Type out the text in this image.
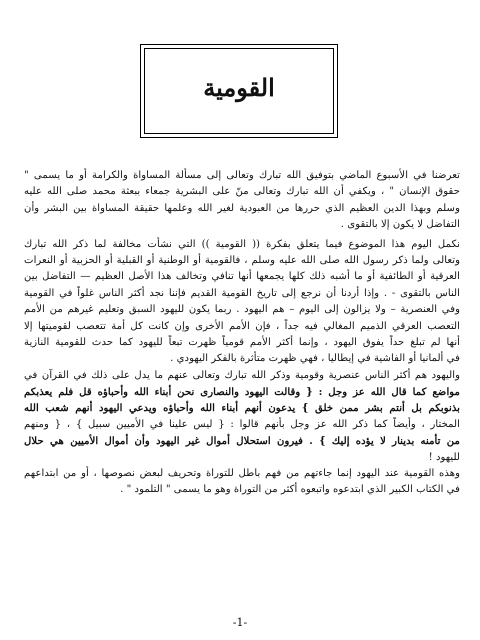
القومية
تعرضنا في الأسبوع الماضي بتوفيق الله تبارك وتعالى إلى مسألة المساواة والكرامة أو ما يسمى "
حقوق الإنسان " ، ويكفي أن الله تبارك وتعالى منّ على البشرية جمعاء ببعثة محمد صلى الله عليه
وسلم وبهذا الدين العظيم الذي حررها من العبودية لغير الله وعلمها حقيقة المساواة بين البشر وأن
التفاضل لا يكون إلا بالتقوى .
نكمل اليوم هذا الموضوع فيما يتعلق بفكرة (( القومية )) التي نشأت مخالفة لما ذكر الله تبارك
وتعالى ولما ذكر رسول الله صلى الله عليه وسلم ، فالقومية أو الوطنية أو القبلية أو الحزبية أو النعرات
العرقية أو الطائفية أو ما أشبه ذلك كلها يجمعها أنها تنافي وتخالف هذا الأصل العظيم — التفاضل بين
الناس بالتقوى - . وإذا أردنا أن نرجع إلى تاريخ القومية القديم فإننا نجد أكثر الناس غلواً في القومية
وفي العنصرية – ولا يزالون إلى اليوم – هم اليهود . ربما يكون لليهود السبق وتعليم غيرهم من الأمم
التعصب العرقي الذميم المغالي فيه جداً ، فإن الأمم الأخرى وإن كانت كل أمة تتعصب لقوميتها إلا
أنها لم تبلغ حداً يفوق اليهود ، وإنما أكثر الأمم قومياً ظهرت تبعاً لليهود كما حدث للقومية النازية
في ألمانيا أو الفاشية في إيطاليا ، فهي ظهرت متأثرة بالفكر اليهودي .
واليهود هم أكثر الناس عنصرية وقومية وذكر الله تبارك وتعالى عنهم ما يدل على ذلك في القرآن في
مواضع كما قال الله عز وجل : { وقالت اليهود والنصارى نحن أبناء الله وأحباؤه قل فلم يعذبكم
بذنوبكم بل أنتم بشر ممن خلق } يدعون أنهم أبناء الله وأحباؤه ويدعي اليهود أنهم شعب الله
المختار ، وأيضاً كما ذكر الله عز وجل بأنهم قالوا : { ليس علينا في الأميين سبيل } ، { ومنهم
من تأمنه بدينار لا يؤده إليك } . فيرون استحلال أموال غير اليهود وأن أموال الأميين هي حلال
لليهود !
وهذه القومية عند اليهود إنما جاءتهم من فهم باطل للتوراة وتحريف لبعض نصوصها ، أو من ابتداعهم
في الكتاب الكبير الذي ابتدعوه واتبعوه أكثر من التوراة وهو ما يسمى " التلمود " .
-1-
